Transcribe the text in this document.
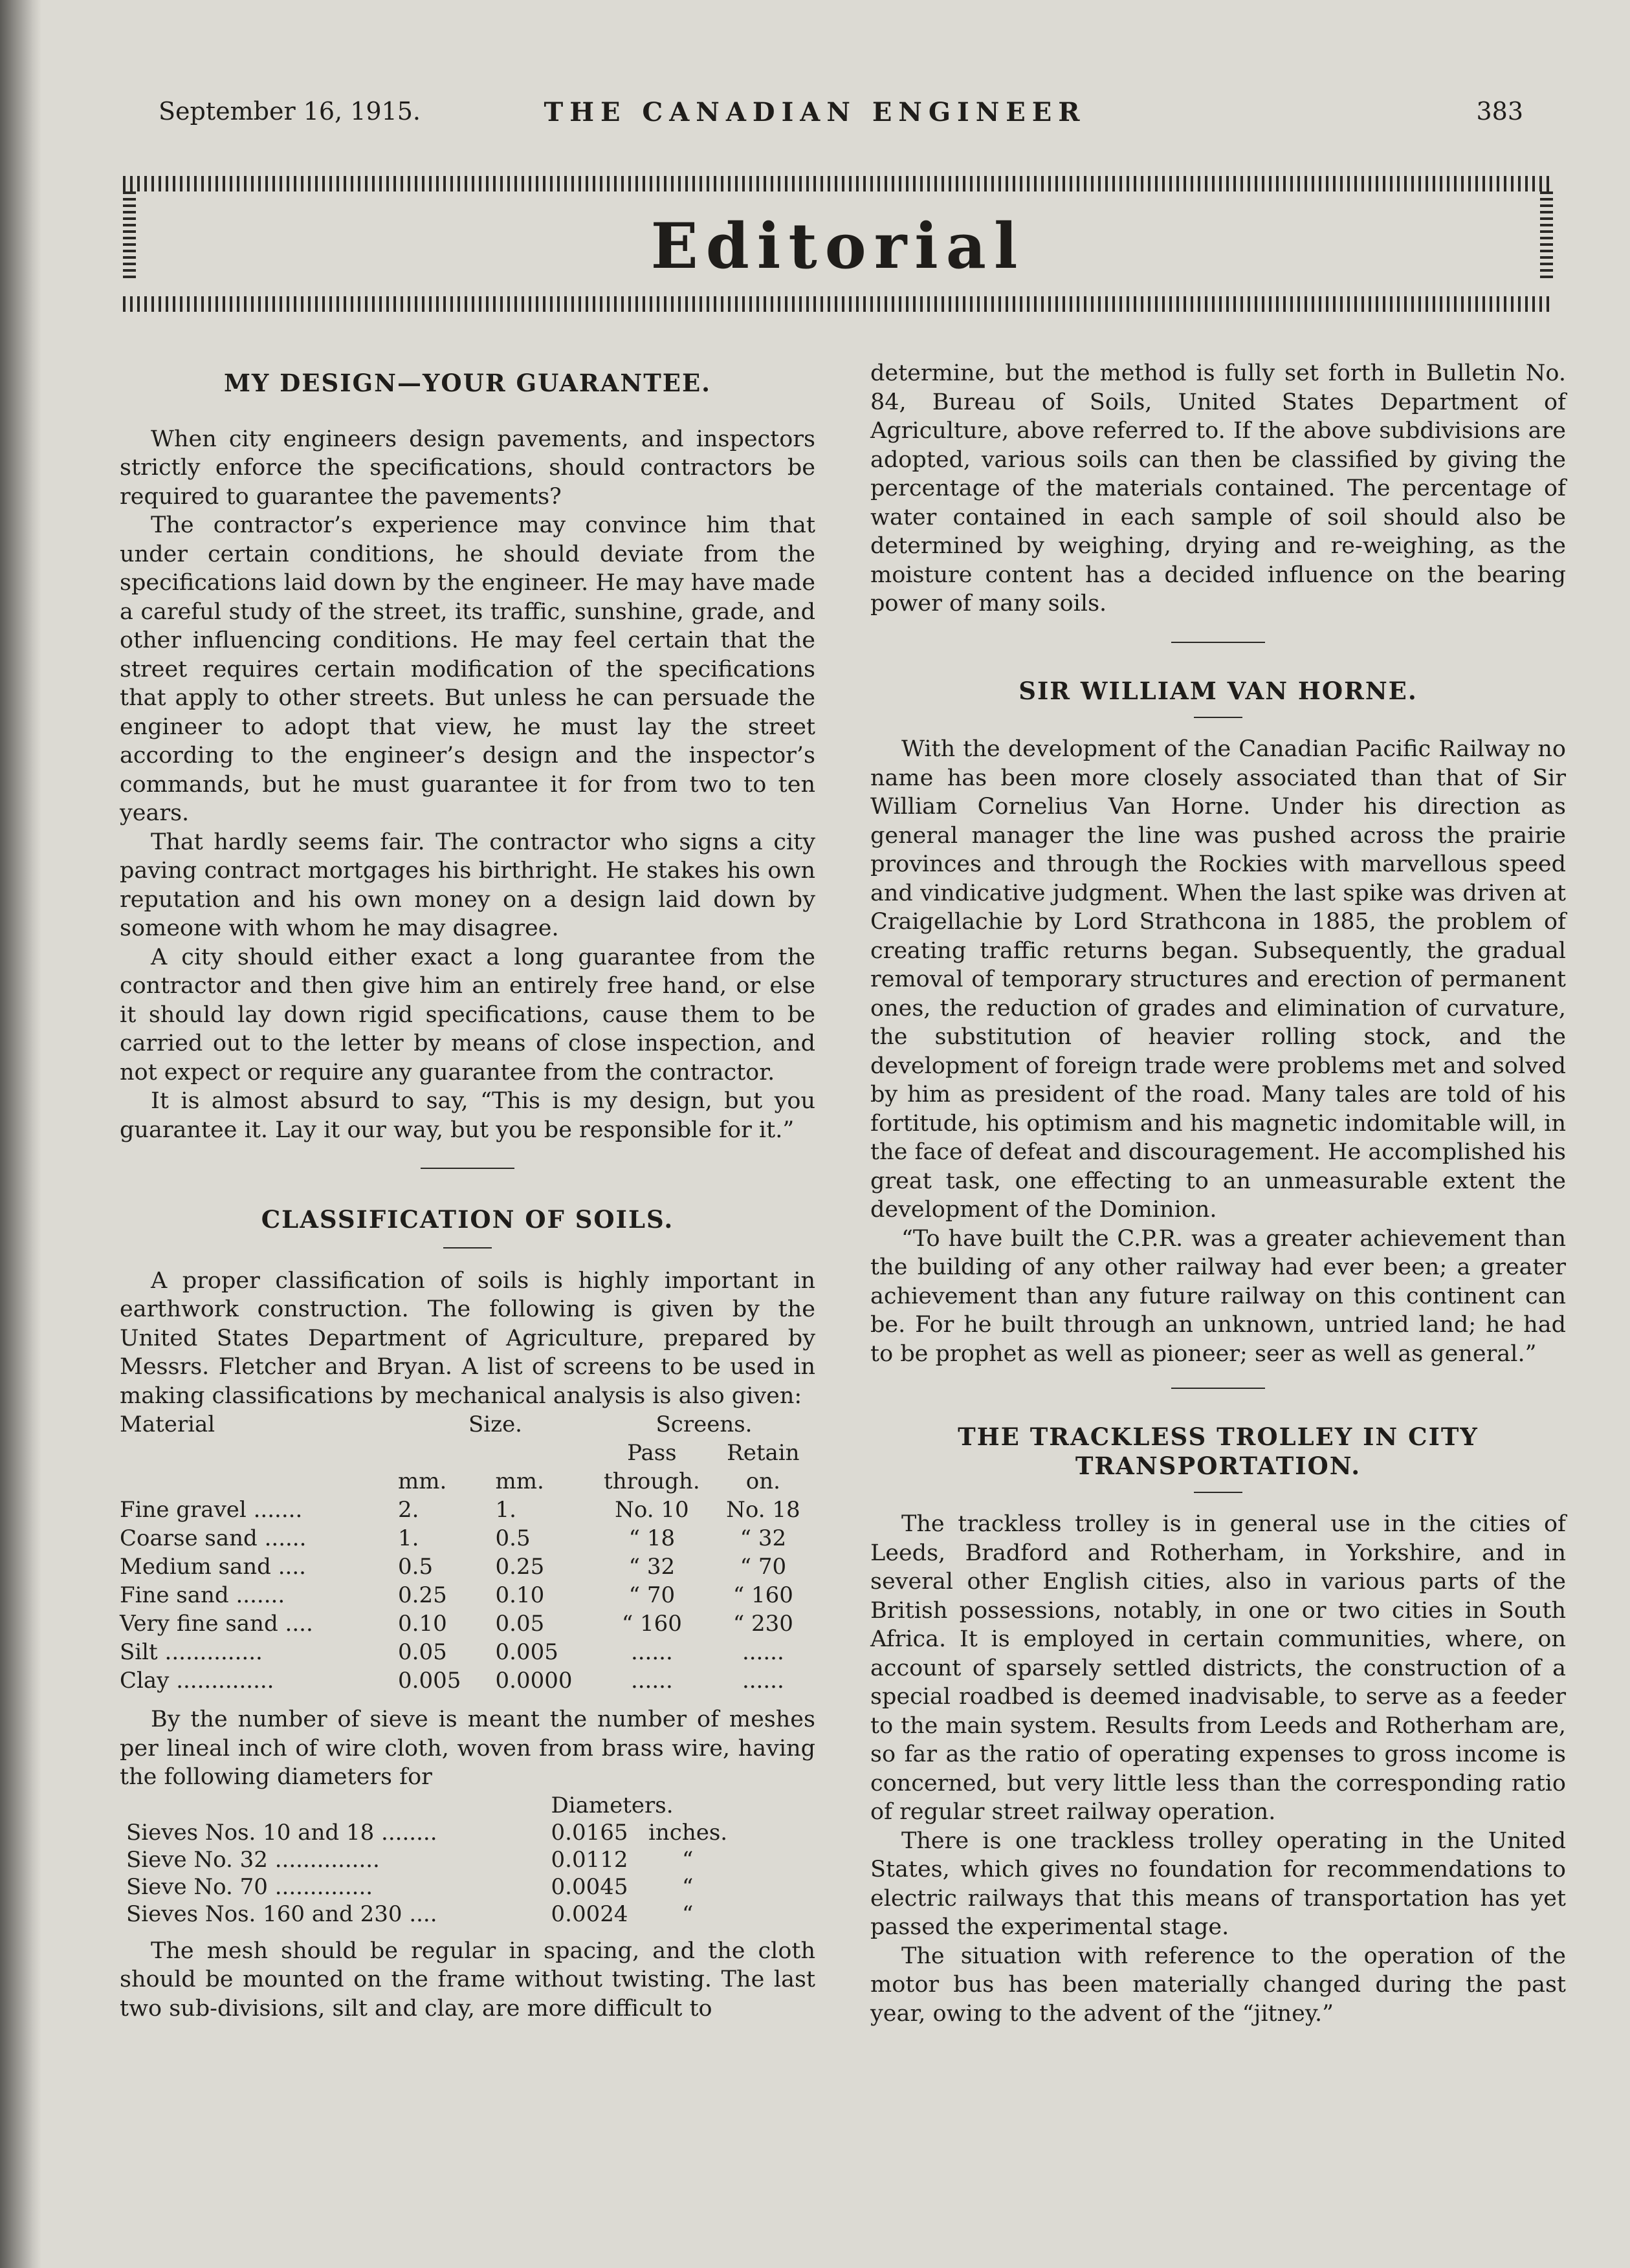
September 16, 1915.	THE CANADIAN ENGINEER	383
Editorial
MY DESIGN—YOUR GUARANTEE.

When city engineers design pavements, and inspectors strictly enforce the specifications, should contractors be required to guarantee the pavements?

The contractor’s experience may convince him that under certain conditions, he should deviate from the specifications laid down by the engineer. He may have made a careful study of the street, its traffic, sunshine, grade, and other influencing conditions. He may feel certain that the street requires certain modification of the specifications that apply to other streets. But unless he can persuade the engineer to adopt that view, he must lay the street according to the engineer’s design and the inspector’s commands, but he must guarantee it for from two to ten years.

That hardly seems fair. The contractor who signs a city paving contract mortgages his birthright. He stakes his own reputation and his own money on a design laid down by someone with whom he may disagree.

A city should either exact a long guarantee from the contractor and then give him an entirely free hand, or else it should lay down rigid specifications, cause them to be carried out to the letter by means of close inspection, and not expect or require any guarantee from the contractor.

It is almost absurd to say, “This is my design, but you guarantee it. Lay it our way, but you be responsible for it.”

CLASSIFICATION OF SOILS.

A proper classification of soils is highly important in earthwork construction. The following is given by the United States Department of Agriculture, prepared by Messrs. Fletcher and Bryan. A list of screens to be used in making classifications by mechanical analysis is also given:

Material	Size.		Screens.	
			Pass	Retain
	mm.	mm.	through.	on.
Fine gravel .......	2.	1.	No. 10	No. 18
Coarse sand ......	1.	0.5	“ 18	“ 32
Medium sand ....	0.5	0.25	“ 32	“ 70
Fine sand .......	0.25	0.10	“ 70	“ 160
Very fine sand ....	0.10	0.05	“ 160	“ 230
Silt ..............	0.05	0.005	......	......
Clay ..............	0.005	0.0000	......	......

By the number of sieve is meant the number of meshes per lineal inch of wire cloth, woven from brass wire, having the following diameters for

	Diameters.	
Sieves Nos. 10 and 18 ........	0.0165	inches.
Sieve No. 32 ...............	0.0112	“
Sieve No. 70 ..............	0.0045	“
Sieves Nos. 160 and 230 ....	0.0024	“

The mesh should be regular in spacing, and the cloth should be mounted on the frame without twisting. The last two sub-divisions, silt and clay, are more difficult to

determine, but the method is fully set forth in Bulletin No. 84, Bureau of Soils, United States Department of Agriculture, above referred to. If the above subdivisions are adopted, various soils can then be classified by giving the percentage of the materials contained. The percentage of water contained in each sample of soil should also be determined by weighing, drying and re-weighing, as the moisture content has a decided influence on the bearing power of many soils.

SIR WILLIAM VAN HORNE.

With the development of the Canadian Pacific Railway no name has been more closely associated than that of Sir William Cornelius Van Horne. Under his direction as general manager the line was pushed across the prairie provinces and through the Rockies with marvellous speed and vindicative judgment. When the last spike was driven at Craigellachie by Lord Strathcona in 1885, the problem of creating traffic returns began. Subsequently, the gradual removal of temporary structures and erection of permanent ones, the reduction of grades and elimination of curvature, the substitution of heavier rolling stock, and the development of foreign trade were problems met and solved by him as president of the road. Many tales are told of his fortitude, his optimism and his magnetic indomitable will, in the face of defeat and discouragement. He accomplished his great task, one effecting to an unmeasurable extent the development of the Dominion.

“To have built the C.P.R. was a greater achievement than the building of any other railway had ever been; a greater achievement than any future railway on this continent can be. For he built through an unknown, untried land; he had to be prophet as well as pioneer; seer as well as general.”

THE TRACKLESS TROLLEY IN CITY
TRANSPORTATION.

The trackless trolley is in general use in the cities of Leeds, Bradford and Rotherham, in Yorkshire, and in several other English cities, also in various parts of the British possessions, notably, in one or two cities in South Africa. It is employed in certain communities, where, on account of sparsely settled districts, the construction of a special roadbed is deemed inadvisable, to serve as a feeder to the main system. Results from Leeds and Rotherham are, so far as the ratio of operating expenses to gross income is concerned, but very little less than the corresponding ratio of regular street railway operation.

There is one trackless trolley operating in the United States, which gives no foundation for recommendations to electric railways that this means of transportation has yet passed the experimental stage.

The situation with reference to the operation of the motor bus has been materially changed during the past year, owing to the advent of the “jitney.”
